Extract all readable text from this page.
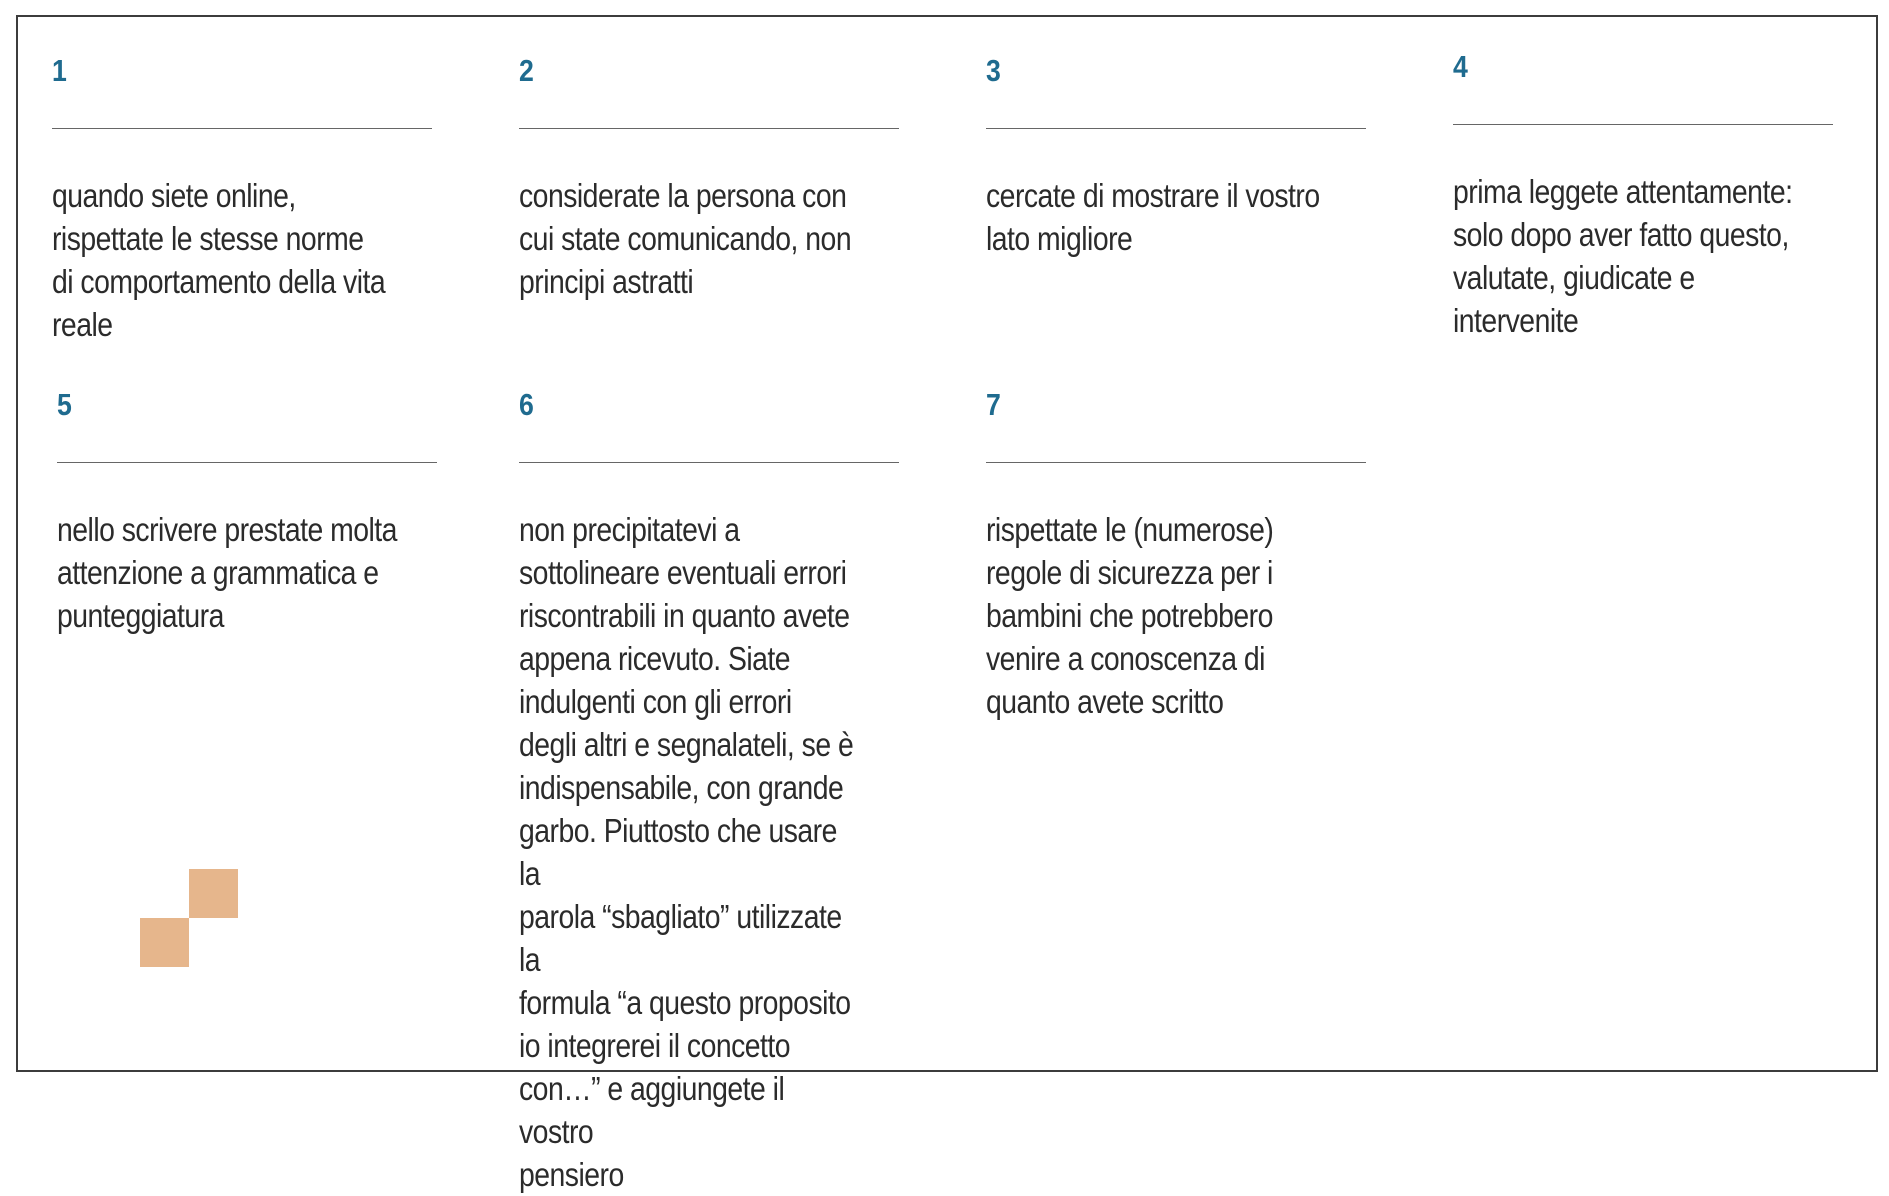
1
quando siete online,
rispettate le stesse norme
di comportamento della vita
reale
2
considerate la persona con
cui state comunicando, non
principi astratti
3
cercate di mostrare il vostro
lato migliore
4
prima leggete attentamente:
solo dopo aver fatto questo,
valutate, giudicate e
intervenite
5
nello scrivere prestate molta
attenzione a grammatica e
punteggiatura
6
non precipitatevi a
sottolineare eventuali errori
riscontrabili in quanto avete
appena ricevuto. Siate
indulgenti con gli errori
degli altri e segnalateli, se è
indispensabile, con grande
garbo. Piuttosto che usare la
parola “sbagliato” utilizzate la
formula “a questo proposito
io integrerei il concetto
con…” e aggiungete il vostro
pensiero
7
rispettate le (numerose)
regole di sicurezza per i
bambini che potrebbero
venire a conoscenza di
quanto avete scritto
